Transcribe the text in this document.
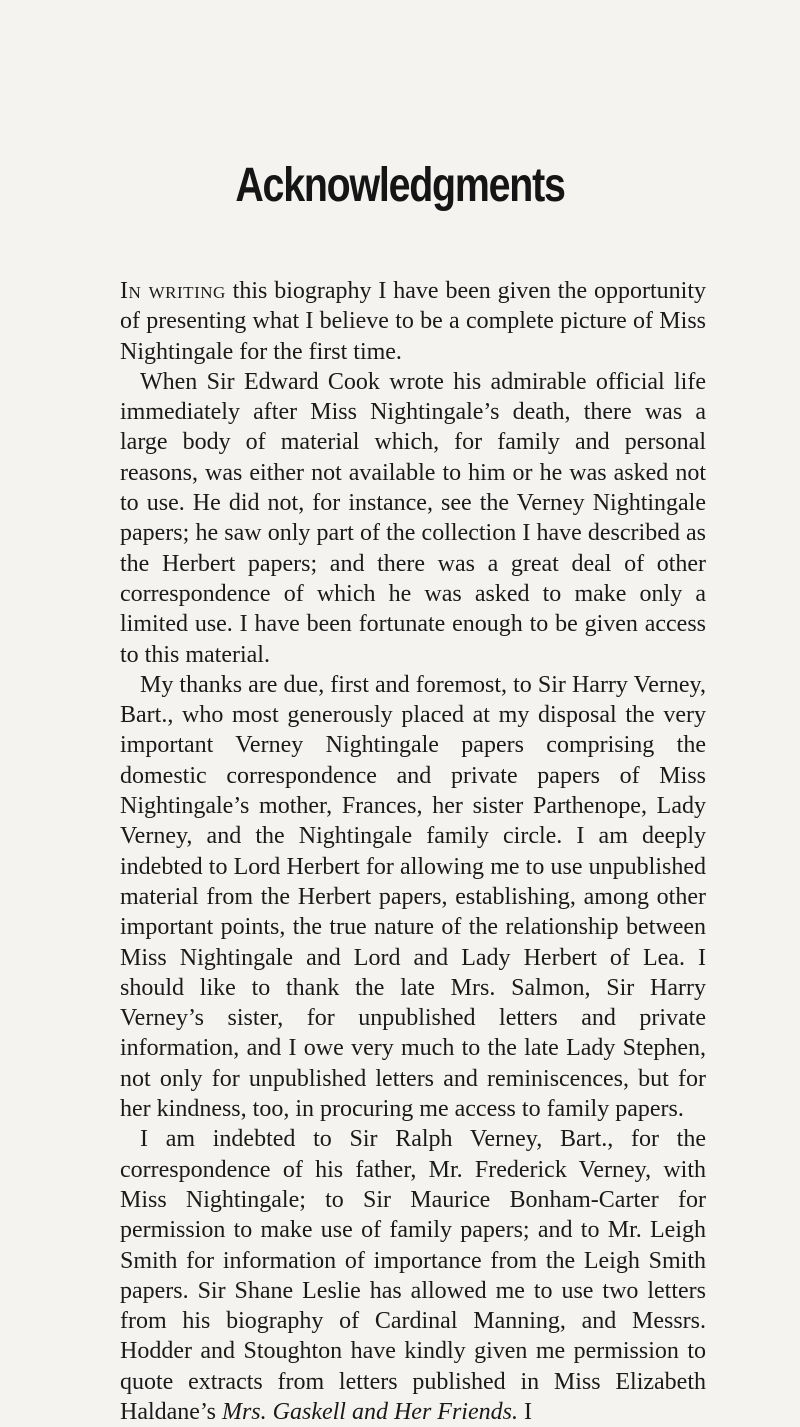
Acknowledgments

In writing this biography I have been given the opportunity of presenting what I believe to be a complete picture of Miss Nightingale for the first time.

When Sir Edward Cook wrote his admirable official life immediately after Miss Nightingale’s death, there was a large body of material which, for family and personal reasons, was either not available to him or he was asked not to use. He did not, for instance, see the Verney Nightingale papers; he saw only part of the collection I have described as the Herbert papers; and there was a great deal of other correspondence of which he was asked to make only a limited use. I have been fortunate enough to be given access to this material.

My thanks are due, first and foremost, to Sir Harry Verney, Bart., who most generously placed at my disposal the very important Verney Nightingale papers comprising the domestic correspondence and private papers of Miss Nightingale’s mother, Frances, her sister Parthenope, Lady Verney, and the Nightingale family circle. I am deeply indebted to Lord Herbert for allowing me to use unpublished material from the Herbert papers, establishing, among other important points, the true nature of the relationship between Miss Nightingale and Lord and Lady Herbert of Lea. I should like to thank the late Mrs. Salmon, Sir Harry Verney’s sister, for unpublished letters and private information, and I owe very much to the late Lady Stephen, not only for unpublished letters and reminiscences, but for her kindness, too, in procuring me access to family papers.

I am indebted to Sir Ralph Verney, Bart., for the correspondence of his father, Mr. Frederick Verney, with Miss Nightingale; to Sir Maurice Bonham-Carter for permission to make use of family papers; and to Mr. Leigh Smith for information of importance from the Leigh Smith papers. Sir Shane Leslie has allowed me to use two letters from his biography of Cardinal Manning, and Messrs. Hodder and Stoughton have kindly given me permission to quote extracts from letters published in Miss Elizabeth Haldane’s Mrs. Gaskell and Her Friends. I
